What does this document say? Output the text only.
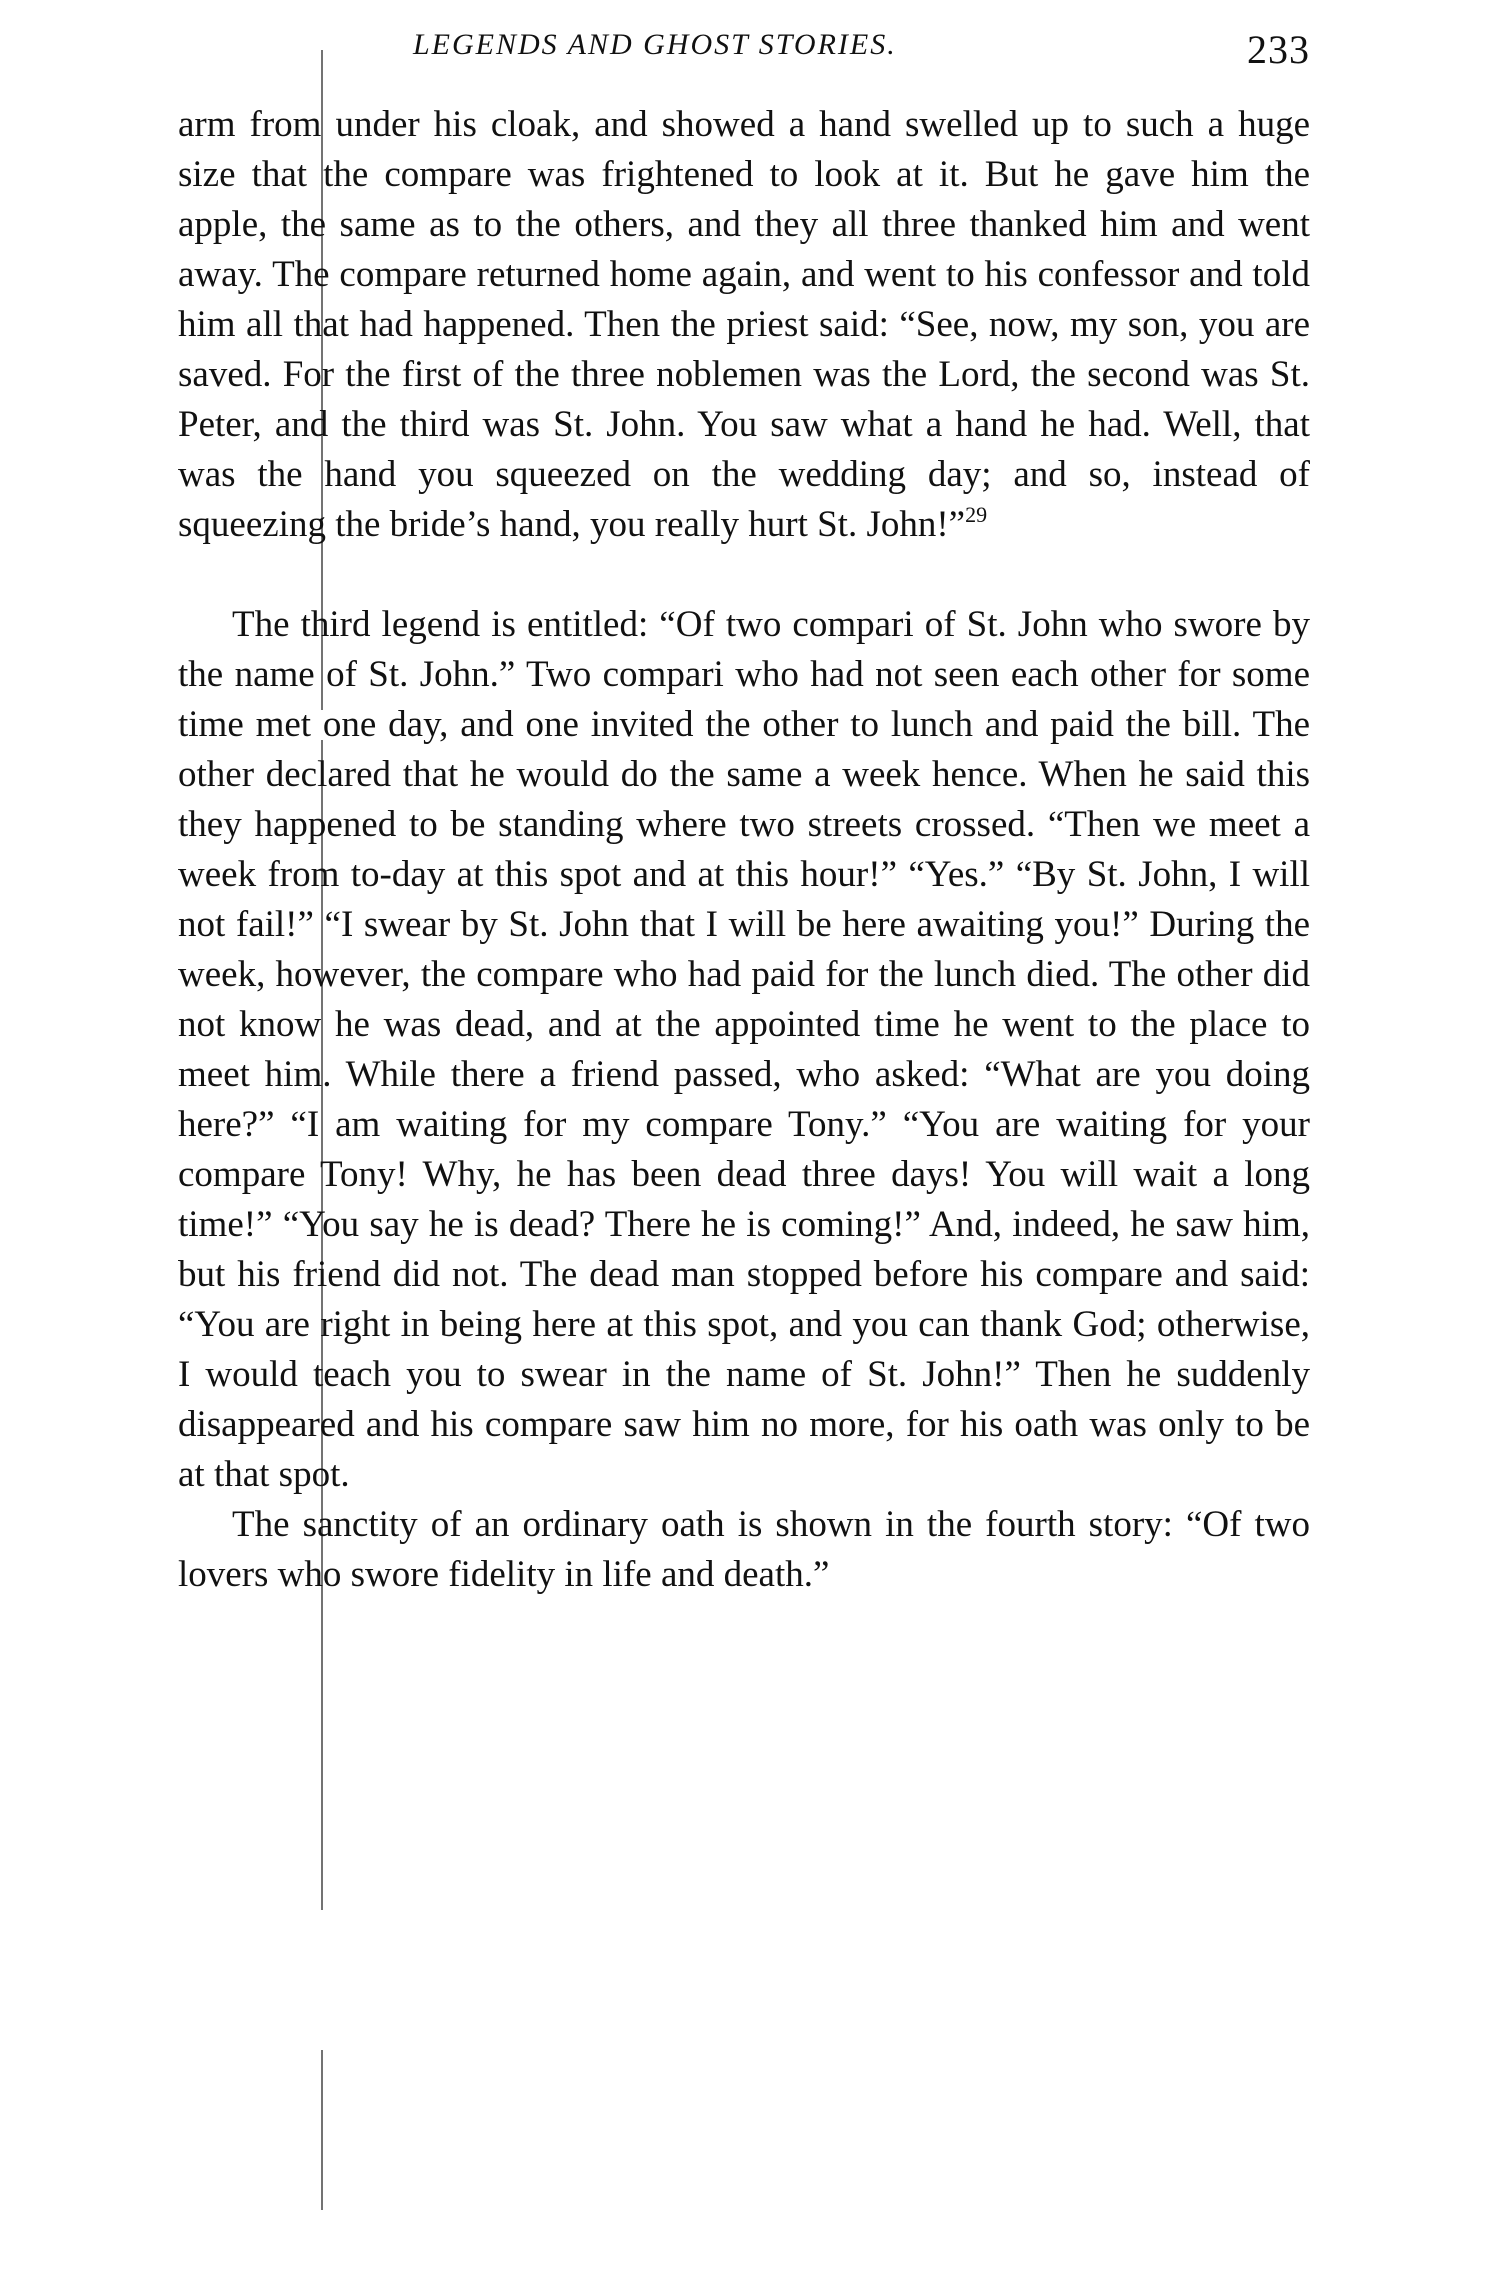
LEGENDS AND GHOST STORIES.	233

arm from under his cloak, and showed a hand swelled up to such a huge size that the compare was frightened to look at it. But he gave him the apple, the same as to the others, and they all three thanked him and went away. The compare returned home again, and went to his confessor and told him all that had happened. Then the priest said: “See, now, my son, you are saved. For the first of the three noblemen was the Lord, the second was St. Peter, and the third was St. John. You saw what a hand he had. Well, that was the hand you squeezed on the wedding day; and so, instead of squeezing the bride’s hand, you really hurt St. John!”$^{29}$

The third legend is entitled: “Of two compari of St. John who swore by the name of St. John.” Two compari who had not seen each other for some time met one day, and one invited the other to lunch and paid the bill. The other declared that he would do the same a week hence. When he said this they happened to be standing where two streets crossed. “Then we meet a week from to-day at this spot and at this hour!” “Yes.” “By St. John, I will not fail!” “I swear by St. John that I will be here awaiting you!” During the week, however, the compare who had paid for the lunch died. The other did not know he was dead, and at the appointed time he went to the place to meet him. While there a friend passed, who asked: “What are you doing here?” “I am waiting for my compare Tony.” “You are waiting for your compare Tony! Why, he has been dead three days! You will wait a long time!” “You say he is dead? There he is coming!” And, indeed, he saw him, but his friend did not. The dead man stopped before his compare and said: “You are right in being here at this spot, and you can thank God; otherwise, I would teach you to swear in the name of St. John!” Then he suddenly disappeared and his compare saw him no more, for his oath was only to be at that spot.

The sanctity of an ordinary oath is shown in the fourth story: “Of two lovers who swore fidelity in life and death.”
